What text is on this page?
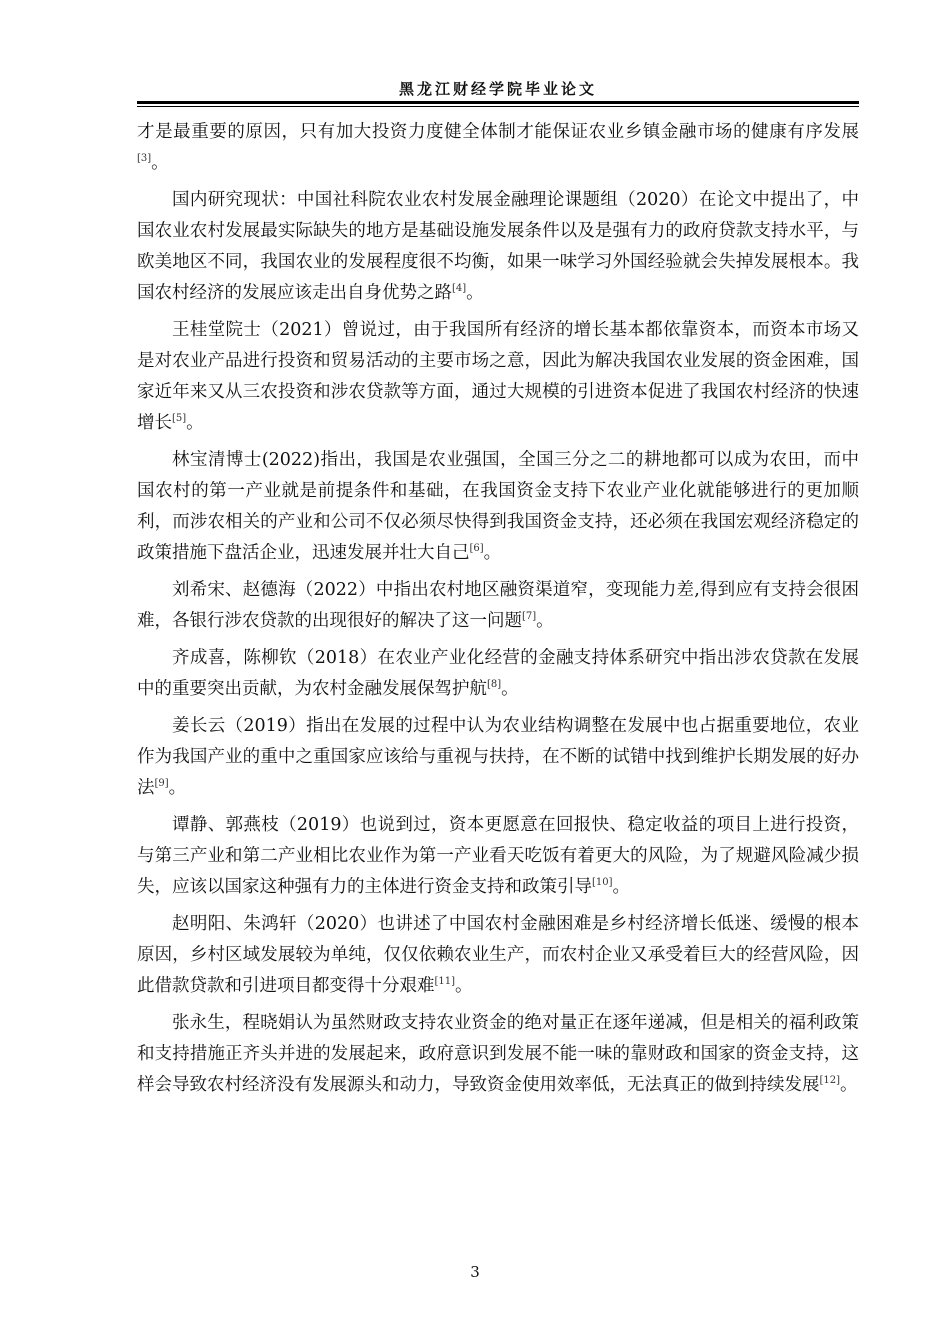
黑龙江财经学院毕业论文

才是最重要的原因，只有加大投资力度健全体制才能保证农业乡镇金融市场的健康有序发展[3]。

国内研究现状：中国社科院农业农村发展金融理论课题组（2020）在论文中提出了，中国农业农村发展最实际缺失的地方是基础设施发展条件以及是强有力的政府贷款支持水平，与欧美地区不同，我国农业的发展程度很不均衡，如果一味学习外国经验就会失掉发展根本。我国农村经济的发展应该走出自身优势之路[4]。

王桂堂院士（2021）曾说过，由于我国所有经济的增长基本都依靠资本，而资本市场又是对农业产品进行投资和贸易活动的主要市场之意，因此为解决我国农业发展的资金困难，国家近年来又从三农投资和涉农贷款等方面，通过大规模的引进资本促进了我国农村经济的快速增长[5]。

林宝清博士(2022)指出，我国是农业强国，全国三分之二的耕地都可以成为农田，而中国农村的第一产业就是前提条件和基础，在我国资金支持下农业产业化就能够进行的更加顺利，而涉农相关的产业和公司不仅必须尽快得到我国资金支持，还必须在我国宏观经济稳定的政策措施下盘活企业，迅速发展并壮大自己[6]。

刘希宋、赵德海（2022）中指出农村地区融资渠道窄，变现能力差,得到应有支持会很困难，各银行涉农贷款的出现很好的解决了这一问题[7]。

齐成喜，陈柳钦（2018）在农业产业化经营的金融支持体系研究中指出涉农贷款在发展中的重要突出贡献，为农村金融发展保驾护航[8]。

姜长云（2019）指出在发展的过程中认为农业结构调整在发展中也占据重要地位，农业作为我国产业的重中之重国家应该给与重视与扶持，在不断的试错中找到维护长期发展的好办法[9]。

谭静、郭燕枝（2019）也说到过，资本更愿意在回报快、稳定收益的项目上进行投资，与第三产业和第二产业相比农业作为第一产业看天吃饭有着更大的风险，为了规避风险减少损失，应该以国家这种强有力的主体进行资金支持和政策引导[10]。

赵明阳、朱鸿轩（2020）也讲述了中国农村金融困难是乡村经济增长低迷、缓慢的根本原因，乡村区域发展较为单纯，仅仅依赖农业生产，而农村企业又承受着巨大的经营风险，因此借款贷款和引进项目都变得十分艰难[11]。

张永生，程晓娟认为虽然财政支持农业资金的绝对量正在逐年递减，但是相关的福利政策和支持措施正齐头并进的发展起来，政府意识到发展不能一味的靠财政和国家的资金支持，这样会导致农村经济没有发展源头和动力，导致资金使用效率低，无法真正的做到持续发展[12]。

3
